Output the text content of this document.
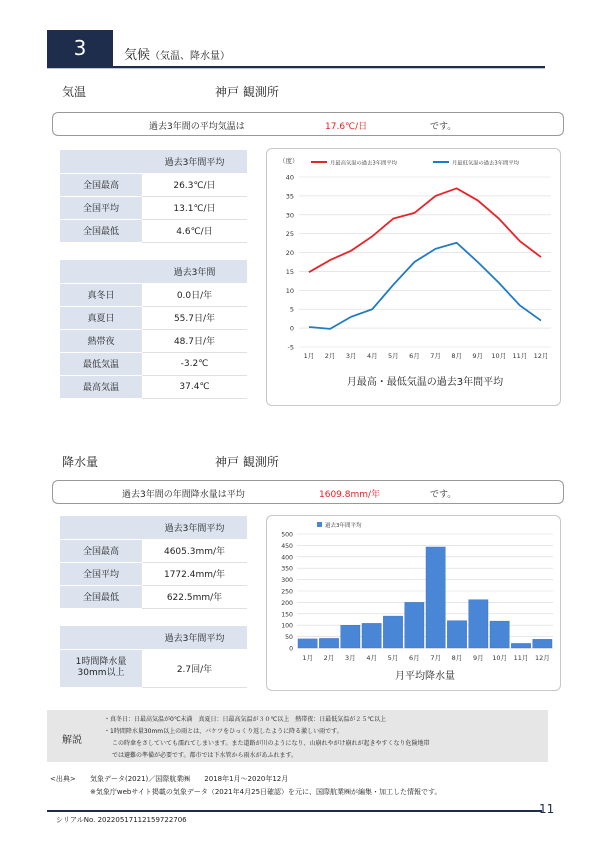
3	気候（気温、降水量）
気温	神戸 観測所
過去3年間の平均気温は	17.6℃/日	です。
	過去3年間平均
全国最高	26.3℃/日
全国平均	13.1℃/日
全国最低	4.6℃/日
	過去3年間
真冬日	0.0日/年
真夏日	55.7日/年
熱帯夜	48.7日/年
最低気温	-3.2℃
最高気温	37.4℃
-5
0
5
10
15
20
25
30
35
40
（度）
1月 2月 3月 4月 5月 6月 7月 8月 9月 10月 11月 12月
月最高気温の過去3年間平均	月最低気温の過去3年間平均
月最高・最低気温の過去3年間平均
降水量	神戸 観測所
過去3年間の年間降水量は平均	1609.8mm/年	です。
	過去3年間平均
全国最高	4605.3mm/年
全国平均	1772.4mm/年
全国最低	622.5mm/年
	過去3年間平均
1時間降水量
30mm以上	2.7回/年
0
50
100
150
200
250
300
350
400
450
500
1月 2月 3月 4月 5月 6月 7月 8月 9月 10月 11月 12月
過去3年間平均
月平均降水量
解説
・真冬日：日最高気温が0℃未満　真夏日：日最高気温が３０℃以上　熱帯夜：日最低気温が２５℃以上
・1時間降水量30mm以上の雨とは、バケツをひっくり返したように降る激しい雨です。
この時傘をさしていても濡れてしまいます。また道路が川のようになり、山崩れやがけ崩れが起きやすくなり危険地帯
では避難の準備が必要です。都市では下水管から雨水があふれます。
<出典> 気象データ(2021)／国際航業㈱　　2018年1月～2020年12月
※気象庁webサイト掲載の気象データ（2021年4月25日確認）を元に、国際航業㈱が編集・加工した情報です。
シリアルNo. 20220517112159722706
11
